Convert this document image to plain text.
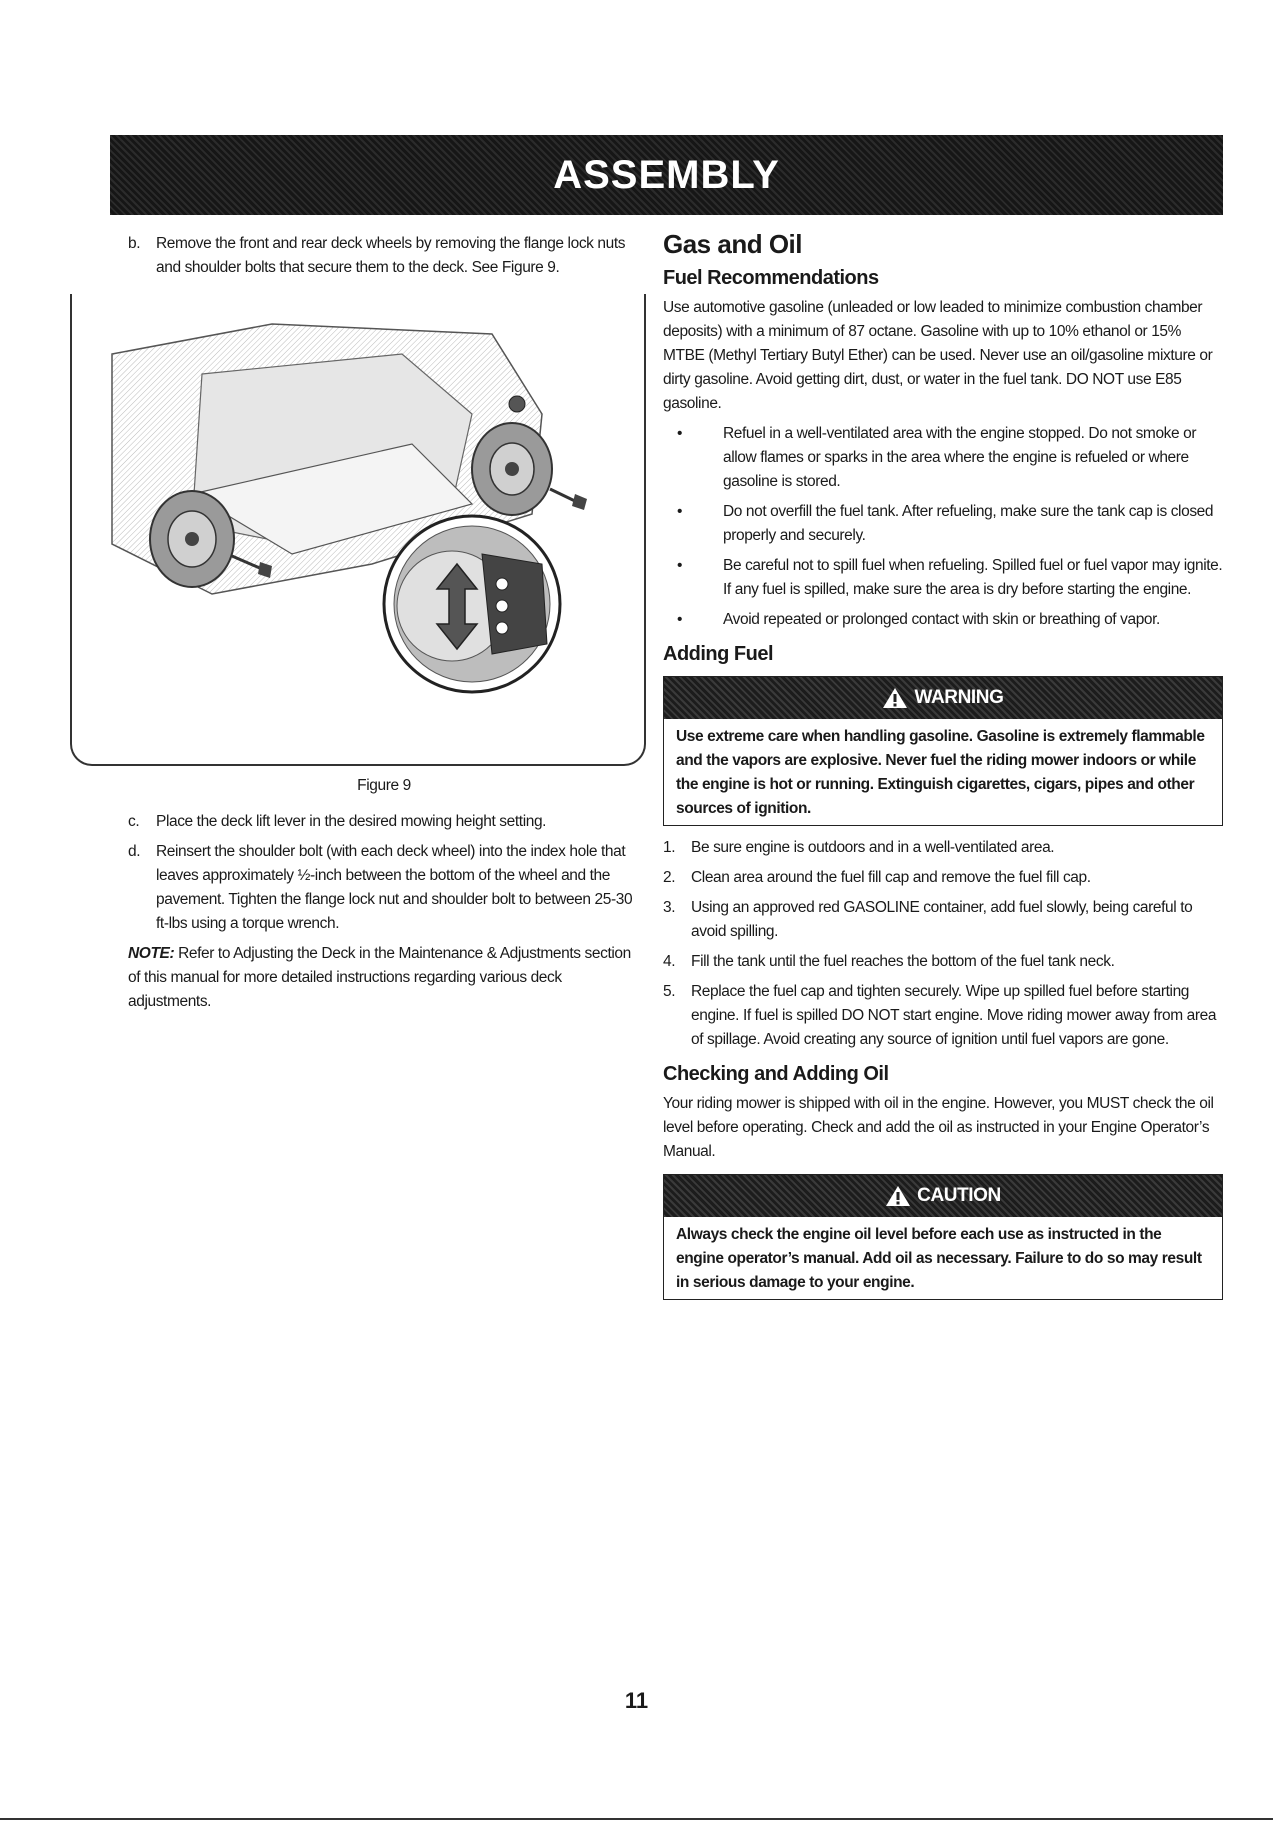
ASSEMBLY
b.	Remove the front and rear deck wheels by removing the flange lock nuts and shoulder bolts that secure them to the deck. See Figure 9.
Figure 9
c.	Place the deck lift lever in the desired mowing height setting.
d.	Reinsert the shoulder bolt (with each deck wheel) into the index hole that leaves approximately ½-inch between the bottom of the wheel and the pavement. Tighten the flange lock nut and shoulder bolt to between 25-30 ft-lbs using a torque wrench.

NOTE: Refer to Adjusting the Deck in the Maintenance & Adjustments section of this manual for more detailed instructions regarding various deck adjustments.

Gas and Oil
Fuel Recommendations

Use automotive gasoline (unleaded or low leaded to minimize combustion chamber deposits) with a minimum of 87 octane. Gasoline with up to 10% ethanol or 15% MTBE (Methyl Tertiary Butyl Ether) can be used. Never use an oil/gasoline mixture or dirty gasoline. Avoid getting dirt, dust, or water in the fuel tank. DO NOT use E85 gasoline.

•	Refuel in a well-ventilated area with the engine stopped. Do not smoke or allow flames or sparks in the area where the engine is refueled or where gasoline is stored.
•	Do not overfill the fuel tank. After refueling, make sure the tank cap is closed properly and securely.
•	Be careful not to spill fuel when refueling. Spilled fuel or fuel vapor may ignite. If any fuel is spilled, make sure the area is dry before starting the engine.
•	Avoid repeated or prolonged contact with skin or breathing of vapor.
Adding Fuel
WARNING
Use extreme care when handling gasoline. Gasoline is extremely flammable and the vapors are explosive. Never fuel the riding mower indoors or while the engine is hot or running. Extinguish cigarettes, cigars, pipes and other sources of ignition.
1.	Be sure engine is outdoors and in a well-ventilated area.
2.	Clean area around the fuel fill cap and remove the fuel fill cap.
3.	Using an approved red GASOLINE container, add fuel slowly, being careful to avoid spilling.
4.	Fill the tank until the fuel reaches the bottom of the fuel tank neck.
5.	Replace the fuel cap and tighten securely. Wipe up spilled fuel before starting engine. If fuel is spilled DO NOT start engine. Move riding mower away from area of spillage. Avoid creating any source of ignition until fuel vapors are gone.
Checking and Adding Oil

Your riding mower is shipped with oil in the engine. However, you MUST check the oil level before operating. Check and add the oil as instructed in your Engine Operator’s Manual.

CAUTION
Always check the engine oil level before each use as instructed in the engine operator’s manual. Add oil as necessary. Failure to do so may result in serious damage to your engine.
11
